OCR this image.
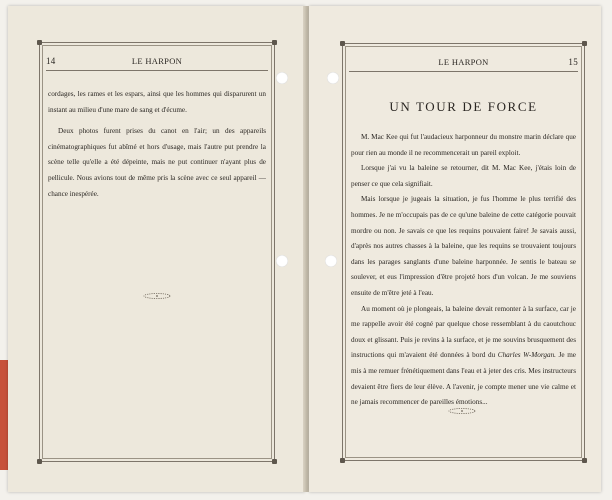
14	LE HARPON

cordages, les rames et les espars, ainsi que les hommes qui disparurent un instant au milieu d'une mare de sang et d'écume.

Deux photos furent prises du canot en l'air; un des appareils cinématographiques fut abîmé et hors d'usage, mais l'autre put prendre la scène telle qu'elle a été dépeinte, mais ne put continuer n'ayant plus de pellicule. Nous avions tout de même pris la scène avec ce seul appareil — chance inespérée.

LE HARPON	15
UN TOUR DE FORCE

M. Mac Kee qui fut l'audacieux harponneur du monstre marin déclare que pour rien au monde il ne recommencerait un pareil exploit.

Lorsque j'ai vu la baleine se retourner, dit M. Mac Kee, j'étais loin de penser ce que cela signifiait.

Mais lorsque je jugeais la situation, je fus l'homme le plus terrifié des hommes. Je ne m'occupais pas de ce qu'une baleine de cette catégorie pouvait mordre ou non. Je savais ce que les requins pouvaient faire! Je savais aussi, d'après nos autres chasses à la baleine, que les requins se trouvaient toujours dans les parages sanglants d'une baleine harponnée. Je sentis le bateau se soulever, et eus l'impression d'être projeté hors d'un volcan. Je me souviens ensuite de m'être jeté à l'eau.

Au moment où je plongeais, la baleine devait remonter à la surface, car je me rappelle avoir été cogné par quelque chose ressemblant à du caoutchouc doux et glissant. Puis je revins à la surface, et je me souvins brusquement des instructions qui m'avaient été données à bord du Charles W-Morgan. Je me mis à me remuer frénétiquement dans l'eau et à jeter des cris. Mes instructeurs devaient être fiers de leur élève. A l'avenir, je compte mener une vie calme et ne jamais recommencer de pareilles émotions...
